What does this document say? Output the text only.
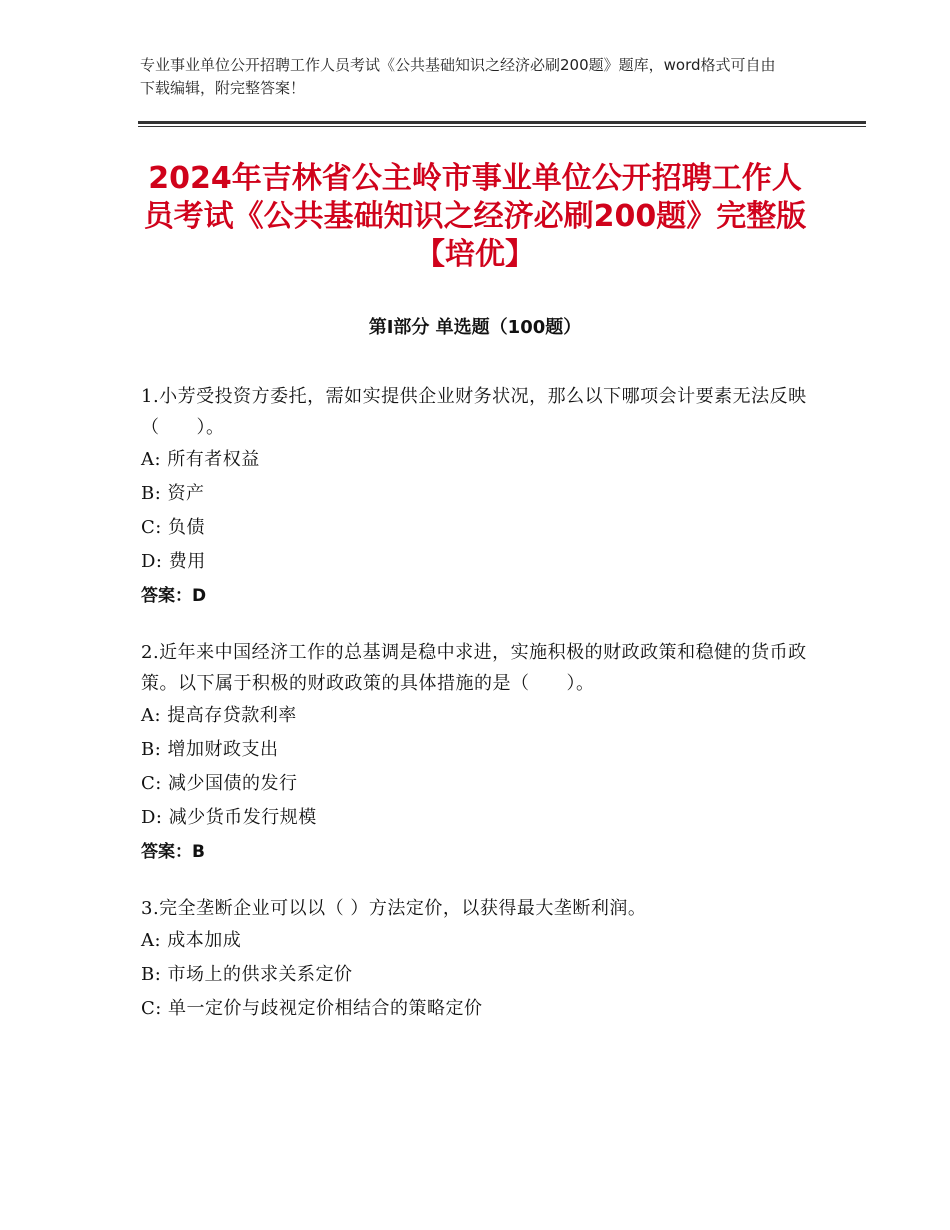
专业事业单位公开招聘工作人员考试《公共基础知识之经济必刷200题》题库，word格式可自由下载编辑，附完整答案！
2024年吉林省公主岭市事业单位公开招聘工作人员考试《公共基础知识之经济必刷200题》完整版【培优】
第I部分 单选题（100题）
1.小芳受投资方委托，需如实提供企业财务状况，那么以下哪项会计要素无法反映（　　）。
A: 所有者权益
B: 资产
C: 负债
D: 费用
答案：D
2.近年来中国经济工作的总基调是稳中求进，实施积极的财政政策和稳健的货币政策。以下属于积极的财政政策的具体措施的是（　　）。
A: 提高存贷款利率
B: 增加财政支出
C: 减少国债的发行
D: 减少货币发行规模
答案：B
3.完全垄断企业可以以（ ）方法定价，以获得最大垄断利润。
A: 成本加成
B: 市场上的供求关系定价
C: 单一定价与歧视定价相结合的策略定价
